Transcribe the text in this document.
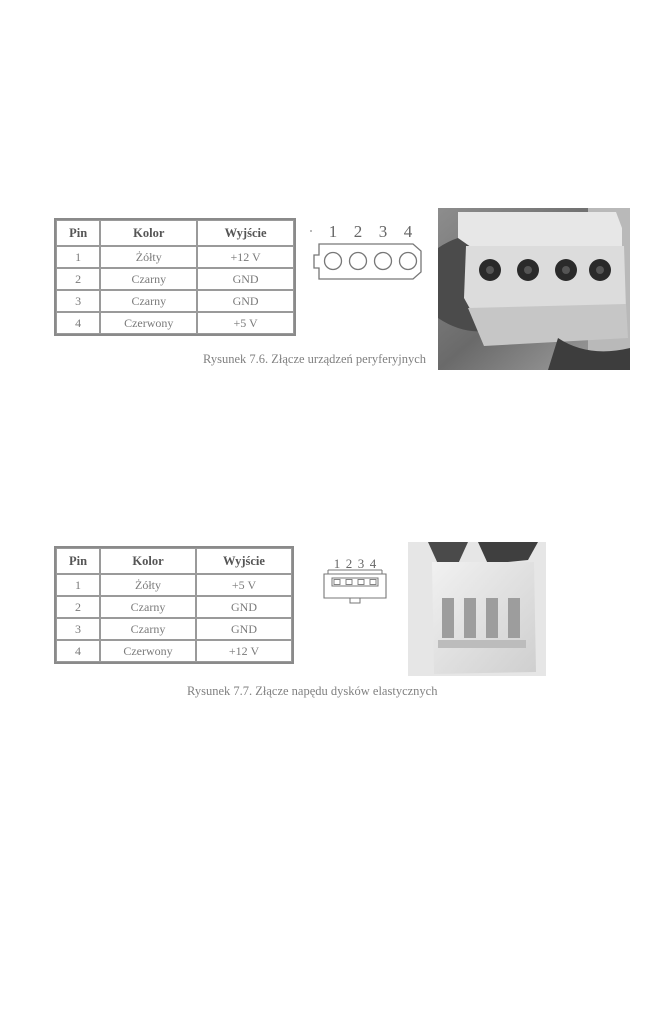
Pin	Kolor	Wyjście
1	Żółty	+12 V
2	Czarny	GND
3	Czarny	GND
4	Czerwony	+5 V
1 2 3 4
Rysunek 7.6. Złącze urządzeń peryferyjnych
Pin	Kolor	Wyjście
1	Żółty	+5 V
2	Czarny	GND
3	Czarny	GND
4	Czerwony	+12 V
1 2 3 4
Rysunek 7.7. Złącze napędu dysków elastycznych
